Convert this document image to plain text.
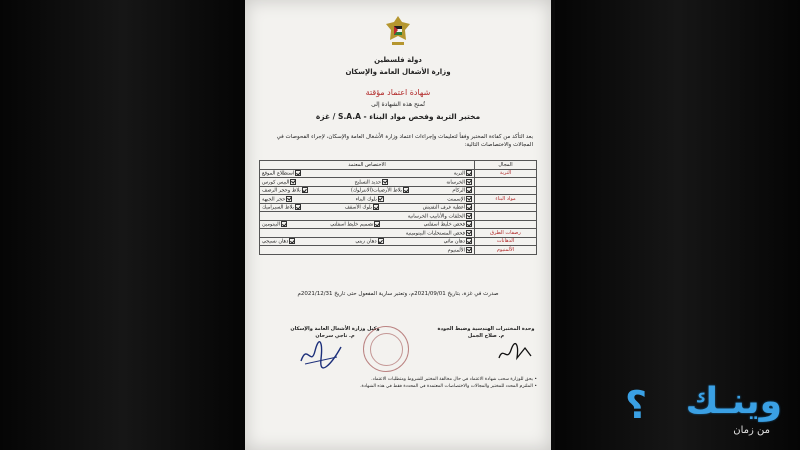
دولة فلسطين
وزارة الأشغال العامة والإسكان
شهادة اعتماد مؤقتة
تُمنح هذه الشهادة إلى
مختبر التربة وفحص مواد البناء - S.A.A / غزة
بعد التأكد من كفاءة المختبر وفقاً لتعليمات وإجراءات اعتماد وزارة الأشغال العامة والإسكان، لإجراء الفحوصات في المجالات والاختصاصات التالية:
المجال	الاختصاص المعتمد
التربة	التربة
استطلاع الموقع

	الخرسانة
حديد التسليح
البيس كورس

	الركام
بلاط الأرضيات(الانترلوك)
بلاط وحجر الرصف

مواد البناء	الإسمنت
بلوك البناء
حجر الجبهة

	أغطية غرف التفتيش
بلوك الأسقف
بلاط السيراميك

	الحلقات والأنابيب الخرسانية

	فحص خليط اسفلتي
تصميم خليط اسفلتي
البيتومين

رصفات الطرق	فحص المستحلبات البيتومينية

الدهانات	دهان مائي
دهان زيتي
دهان نسيجي

الألمنيوم	الألمنيوم
صدرت في غزة، بتاريخ 2021/09/01م، وتعتبر سارية المفعول حتى تاريخ 2021/12/31م
وحدة المختبرات الهندسية وضبط الجودة
م. صلاح الجمل
وكيل وزارة الأشغال العامة والإسكان
م. ناجي سرحان
• يحق للوزارة سحب شهادة الاعتماد في حال مخالفة المختبر للشروط ومتطلبات الاعتماد.
• الملتزم المحدد للمختبر والمجالات والاختصاصات المعتمدة في المحددة فقط في هذه الشهادة. ؟ وينـك
من زمان
